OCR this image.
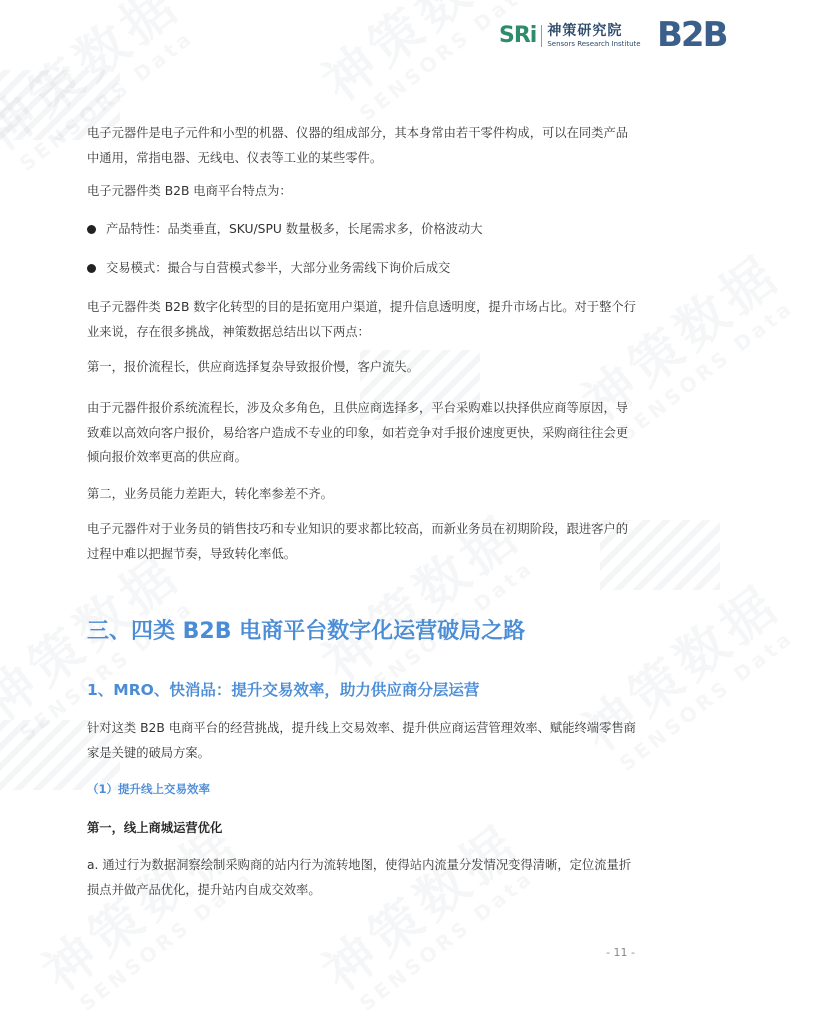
SRi 神策研究院
Sensors Research Institute B2B

电子元器件是电子元件和小型的机器、仪器的组成部分，其本身常由若干零件构成，可以在同类产品中通用，常指电器、无线电、仪表等工业的某些零件。

电子元器件类 B2B 电商平台特点为：

产品特性：品类垂直，SKU/SPU 数量极多，长尾需求多，价格波动大
交易模式：撮合与自营模式参半，大部分业务需线下询价后成交

电子元器件类 B2B 数字化转型的目的是拓宽用户渠道，提升信息透明度，提升市场占比。对于整个行业来说，存在很多挑战，神策数据总结出以下两点：

第一，报价流程长，供应商选择复杂导致报价慢，客户流失。

由于元器件报价系统流程长，涉及众多角色，且供应商选择多，平台采购难以抉择供应商等原因，导致难以高效向客户报价，易给客户造成不专业的印象，如若竞争对手报价速度更快，采购商往往会更倾向报价效率更高的供应商。

第二，业务员能力差距大，转化率参差不齐。

电子元器件对于业务员的销售技巧和专业知识的要求都比较高，而新业务员在初期阶段，跟进客户的过程中难以把握节奏，导致转化率低。

三、四类 B2B 电商平台数字化运营破局之路
1、MRO、快消品：提升交易效率，助力供应商分层运营

针对这类 B2B 电商平台的经营挑战，提升线上交易效率、提升供应商运营管理效率、赋能终端零售商家是关键的破局方案。

（1）提升线上交易效率
第一，线上商城运营优化

a. 通过行为数据洞察绘制采购商的站内行为流转地图，使得站内流量分发情况变得清晰，定位流量折损点并做产品优化，提升站内自成交效率。

- 11 -
